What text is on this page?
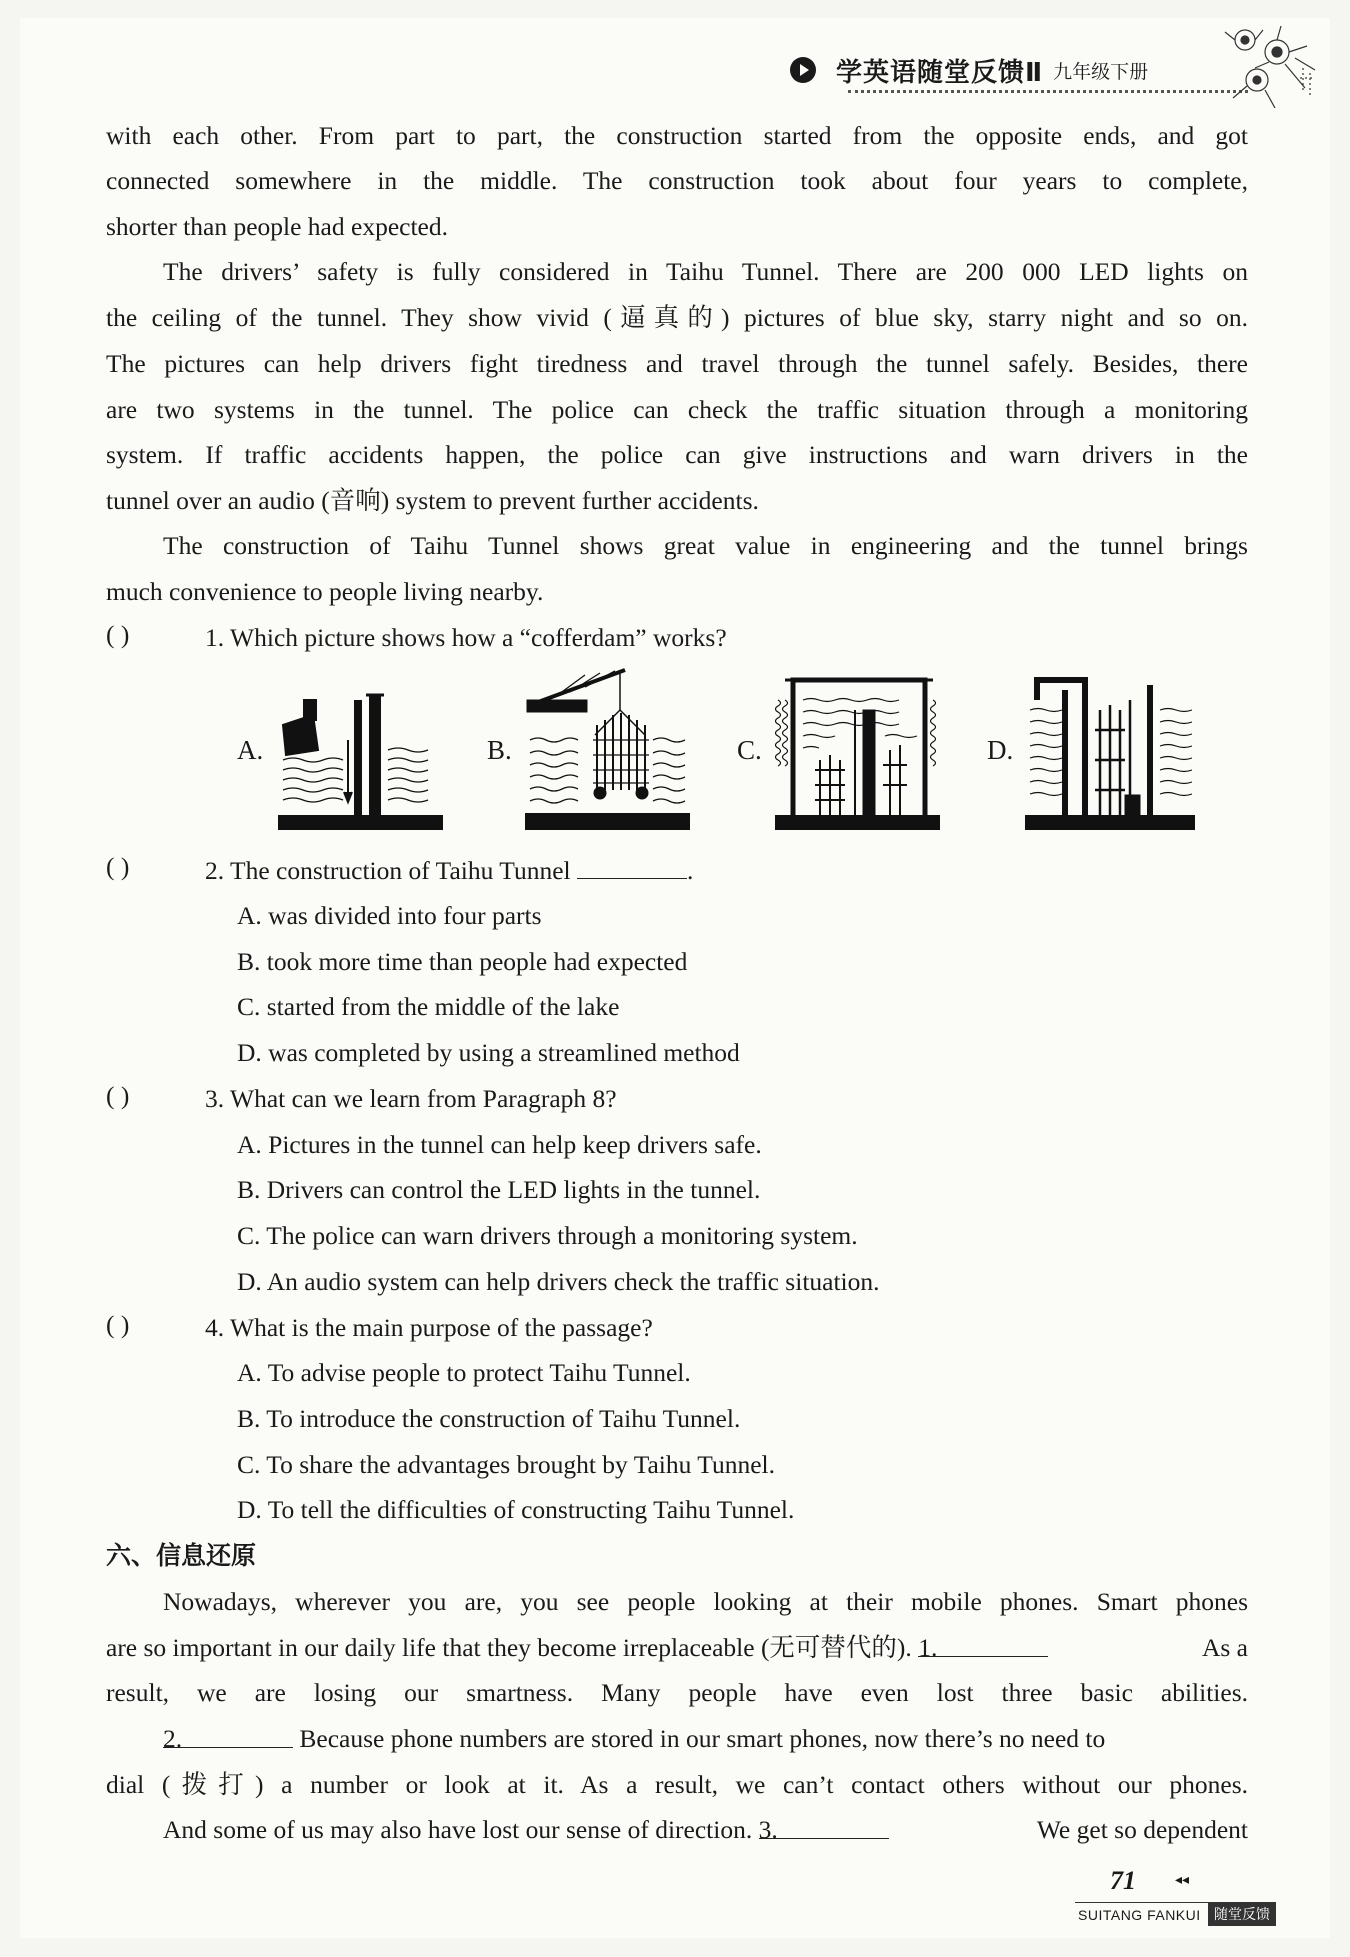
学英语随堂反馈Ⅱ 九年级下册
with each other. From part to part, the construction started from the opposite ends, and got
connected somewhere in the middle. The construction took about four years to complete,
shorter than people had expected.
The drivers’ safety is fully considered in Taihu Tunnel. There are 200 000 LED lights on
the ceiling of the tunnel. They show vivid (逼真的) pictures of blue sky, starry night and so on.
The pictures can help drivers fight tiredness and travel through the tunnel safely. Besides, there
are two systems in the tunnel. The police can check the traffic situation through a monitoring
system. If traffic accidents happen, the police can give instructions and warn drivers in the
tunnel over an audio (音响) system to prevent further accidents.
The construction of Taihu Tunnel shows great value in engineering and the tunnel brings
much convenience to people living nearby.
( )	1. Which picture shows how a “cofferdam” works?
A.	B.	C.	D.
( )	2. The construction of Taihu Tunnel	.
A. was divided into four parts
B. took more time than people had expected
C. started from the middle of the lake
D. was completed by using a streamlined method
( )	3. What can we learn from Paragraph 8?
A. Pictures in the tunnel can help keep drivers safe.
B. Drivers can control the LED lights in the tunnel.
C. The police can warn drivers through a monitoring system.
D. An audio system can help drivers check the traffic situation.
( )	4. What is the main purpose of the passage?
A. To advise people to protect Taihu Tunnel.
B. To introduce the construction of Taihu Tunnel.
C. To share the advantages brought by Taihu Tunnel.
D. To tell the difficulties of constructing Taihu Tunnel.
六、信息还原
Nowadays, wherever you are, you see people looking at their mobile phones. Smart phones
are so important in our daily life that they become irreplaceable (无可替代的). 1.	As a
result, we are losing our smartness. Many people have even lost three basic abilities.
2.	Because phone numbers are stored in our smart phones, now there’s no need to
dial (拨打) a number or look at it. As a result, we can’t contact others without our phones.
And some of us may also have lost our sense of direction. 3.	We get so dependent
71	◂◂
SUITANG FANKUI 随堂反馈
